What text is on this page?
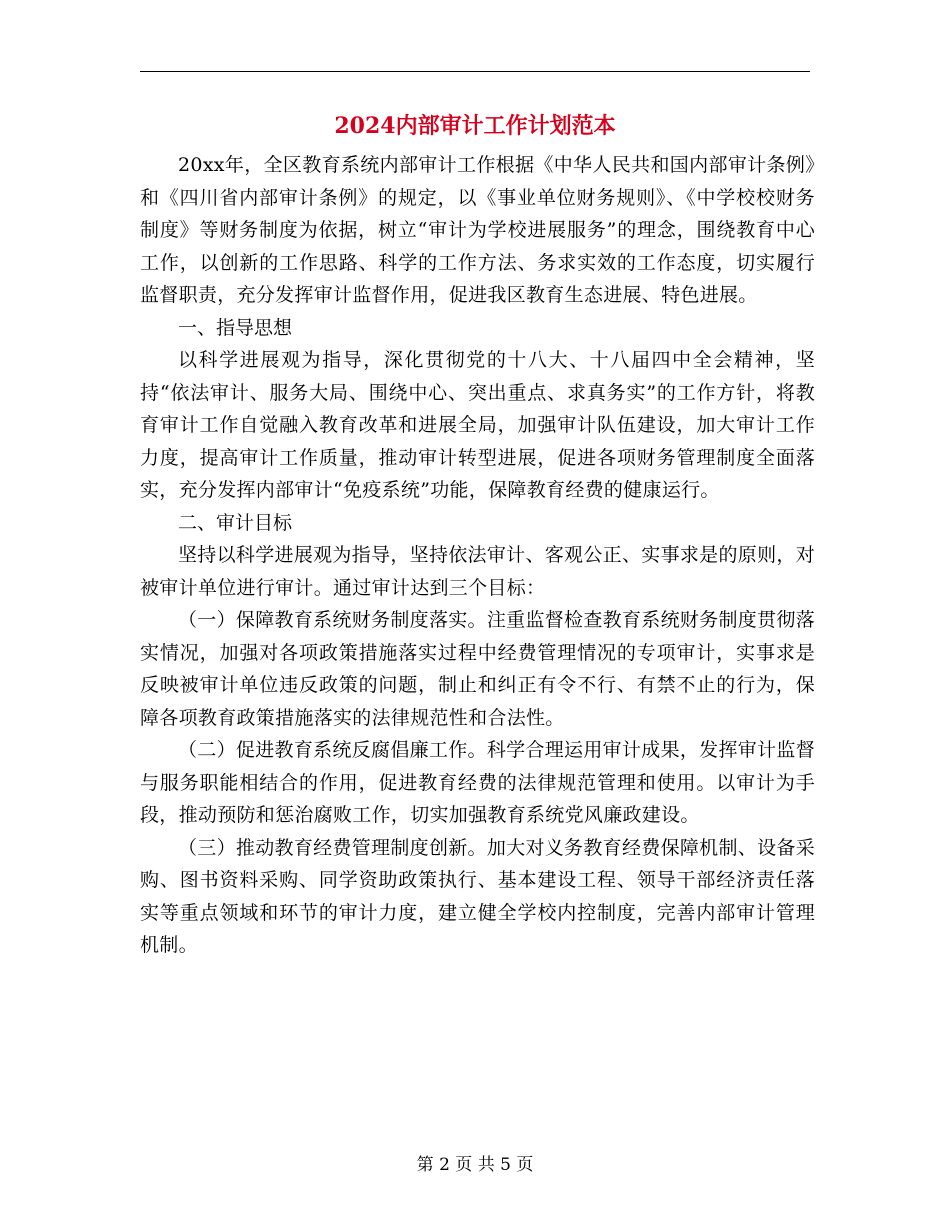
2024内部审计工作计划范本

20xx年，全区教育系统内部审计工作根据《中华人民共和国内部审计条例》和《四川省内部审计条例》的规定，以《事业单位财务规则》、《中学校校财务制度》等财务制度为依据，树立“审计为学校进展服务”的理念，围绕教育中心工作，以创新的工作思路、科学的工作方法、务求实效的工作态度，切实履行监督职责，充分发挥审计监督作用，促进我区教育生态进展、特色进展。

一、指导思想

以科学进展观为指导，深化贯彻党的十八大、十八届四中全会精神，坚持“依法审计、服务大局、围绕中心、突出重点、求真务实”的工作方针，将教育审计工作自觉融入教育改革和进展全局，加强审计队伍建设，加大审计工作力度，提高审计工作质量，推动审计转型进展，促进各项财务管理制度全面落实，充分发挥内部审计“免疫系统”功能，保障教育经费的健康运行。

二、审计目标

坚持以科学进展观为指导，坚持依法审计、客观公正、实事求是的原则，对被审计单位进行审计。通过审计达到三个目标：

（一）保障教育系统财务制度落实。注重监督检查教育系统财务制度贯彻落实情况，加强对各项政策措施落实过程中经费管理情况的专项审计，实事求是反映被审计单位违反政策的问题，制止和纠正有令不行、有禁不止的行为，保障各项教育政策措施落实的法律规范性和合法性。

（二）促进教育系统反腐倡廉工作。科学合理运用审计成果，发挥审计监督与服务职能相结合的作用，促进教育经费的法律规范管理和使用。以审计为手段，推动预防和惩治腐败工作，切实加强教育系统党风廉政建设。

（三）推动教育经费管理制度创新。加大对义务教育经费保障机制、设备采购、图书资料采购、同学资助政策执行、基本建设工程、领导干部经济责任落实等重点领域和环节的审计力度，建立健全学校内控制度，完善内部审计管理机制。

第 2 页 共 5 页
